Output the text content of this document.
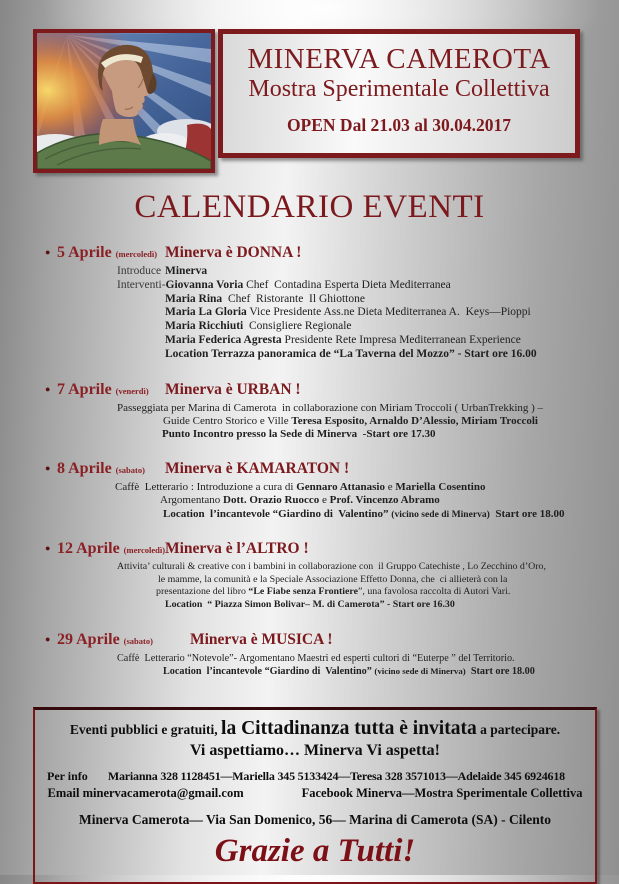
MINERVA CAMEROTA
Mostra Sperimentale Collettiva
OPEN Dal 21.03 al 30.04.2017
CALENDARIO EVENTI
● 5 Aprile (mercoledì) Minerva è DONNA !
Introduce Minerva
Interventi-Giovanna Voria Chef  Contadina Esperta Dieta Mediterranea
Maria Rina  Chef  Ristorante  Il Ghiottone
Maria La Gloria Vice Presidente Ass.ne Dieta Mediterranea A.  Keys—Pioppi
Maria Ricchiuti  Consigliere Regionale
Maria Federica Agresta Presidente Rete Impresa Mediterranean Experience
Location Terrazza panoramica de “La Taverna del Mozzo” - Start ore 16.00
● 7 Aprile (venerdì) Minerva è URBAN !
Passeggiata per Marina di Camerota  in collaborazione con Miriam Troccoli ( UrbanTrekking ) –
Guide Centro Storico e Ville Teresa Esposito, Arnaldo D’Alessio, Miriam Troccoli
Punto Incontro presso la Sede di Minerva  -Start ore 17.30
● 8 Aprile (sabato) Minerva è KAMARATON !
Caffè  Letterario : Introduzione a cura di Gennaro Attanasio e Mariella Cosentino
Argomentano Dott. Orazio Ruocco e Prof. Vincenzo Abramo
Location  l’incantevole “Giardino di  Valentino” (vicino sede di Minerva)  Start ore 18.00
● 12 Aprile (mercoledì)Minerva è l’ALTRO !
Attivita’ culturali & creative con i bambini in collaborazione con  il Gruppo Catechiste , Lo Zecchino d’Oro,
le mamme, la comunità e la Speciale Associazione Effetto Donna, che  ci allieterà con la
presentazione del libro “Le Fiabe senza Frontiere”, una favolosa raccolta di Autori Vari.
Location  “ Piazza Simon Bolivar– M. di Camerota” - Start ore 16.30
● 29 Aprile (sabato) Minerva è MUSICA !
Caffè  Letterario “Notevole”- Argomentano Maestri ed esperti cultori di “Euterpe ” del Territorio.
Location  l’incantevole “Giardino di  Valentino” (vicino sede di Minerva)  Start ore 18.00
Eventi pubblici e gratuiti, la Cittadinanza tutta è invitata a partecipare.
Vi aspettiamo… Minerva Vi aspetta!
Per info	Marianna 328 1128451—Mariella 345 5133424—Teresa 328 3571013—Adelaide 345 6924618
Email minervacamerota@gmail.com	Facebook Minerva—Mostra Sperimentale Collettiva
Minerva Camerota— Via San Domenico, 56— Marina di Camerota (SA) - Cilento
Grazie a Tutti!
